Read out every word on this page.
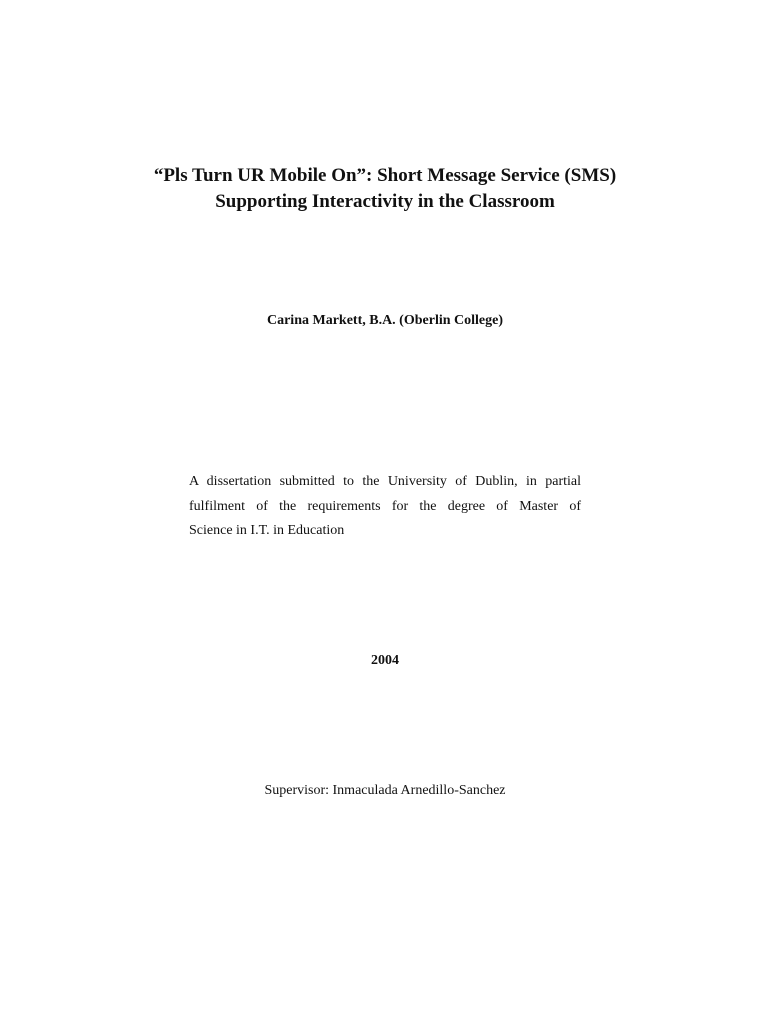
“Pls Turn UR Mobile On”: Short Message Service (SMS)
Supporting Interactivity in the Classroom
Carina Markett, B.A. (Oberlin College)
A dissertation submitted to the University of Dublin, in partial
fulfilment of the requirements for the degree of Master of
Science in I.T. in Education
2004
Supervisor: Inmaculada Arnedillo-Sanchez
